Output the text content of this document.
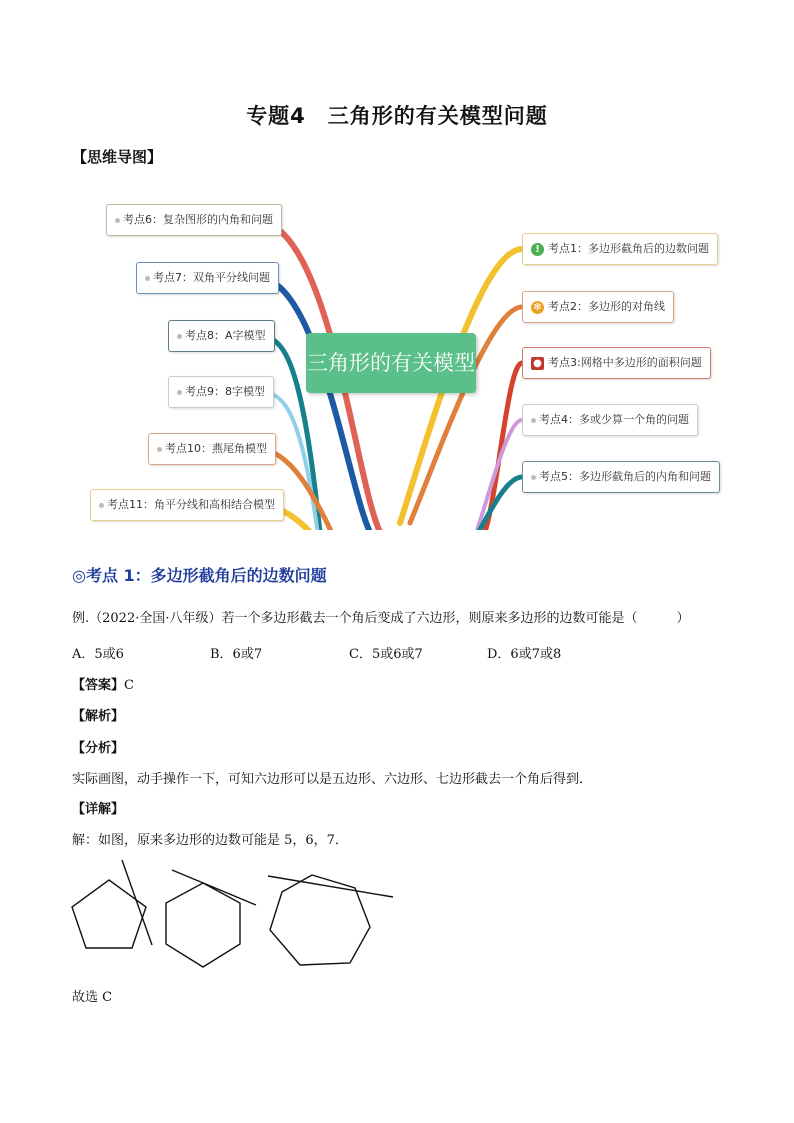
专题4　三角形的有关模型问题
【思维导图】
考点6：复杂图形的内角和问题
考点7：双角平分线问题
考点8：A字模型
考点9：8字模型
考点10：燕尾角模型
考点11：角平分线和高相结合模型
! 考点1：多边形截角后的边数问题
✻ 考点2：多边形的对角线
● 考点3:网格中多边形的面积问题
考点4：多或少算一个角的问题
考点5：多边形截角后的内角和问题
三角形的有关模型
◎考点 1：多边形截角后的边数问题
例.（2022·全国·八年级）若一个多边形截去一个角后变成了六边形，则原来多边形的边数可能是（　　　）
A．5或6	B．6或7	C．5或6或7	D．6或7或8
【答案】C
【解析】
【分析】
实际画图，动手操作一下，可知六边形可以是五边形、六边形、七边形截去一个角后得到．
【详解】
解：如图，原来多边形的边数可能是 5，6，7．
故选 C
